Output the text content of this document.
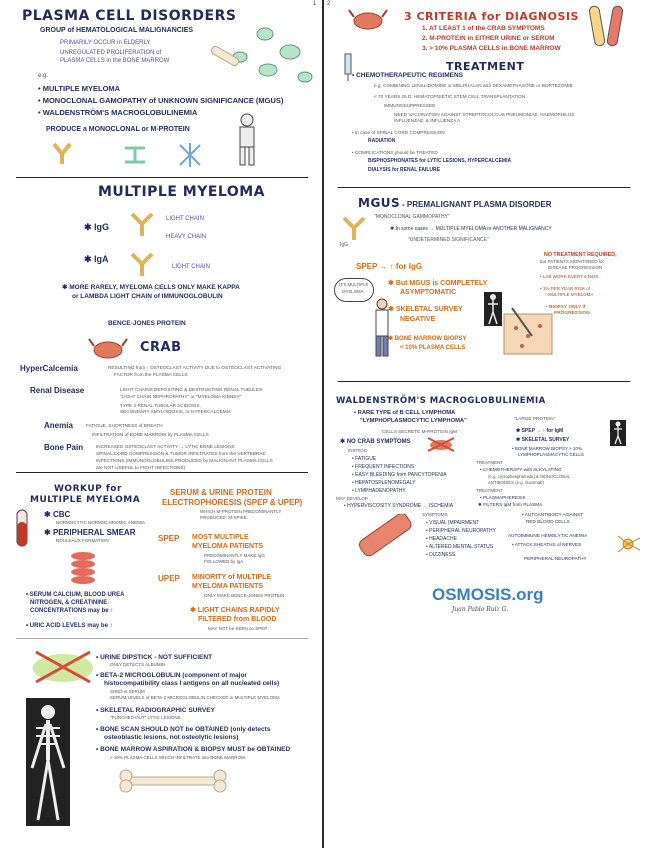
1 2
PLASMA CELL DISORDERS
GROUP of HEMATOLOGICAL MALIGNANCIES
PRIMARILY OCCUR in ELDERLY
UNREGULATED PROLIFERATION of
PLASMA CELLS in the BONE MARROW
e.g.
• MULTIPLE MYELOMA
• MONOCLONAL GAMOPATHY of UNKNOWN SIGNIFICANCE (MGUS)
• WALDENSTRÖM'S MACROGLOBULINEMIA
PRODUCE a MONOCLONAL or M-PROTEIN
MULTIPLE MYELOMA
✱ IgG
✱ IgA
LIGHT CHAIN
HEAVY CHAIN
LIGHT CHAIN
✱ MORE RARELY, MYELOMA CELLS ONLY MAKE KAPPA
or LAMBDA LIGHT CHAIN of IMMUNOGLOBULIN
BENCE-JONES PROTEIN
CRAB
HyperCalcemia	RESULTING from ↑ OSTEOCLAST ACTIVITY DUE to OSTEOCLAST ACTIVATING
FACTOR from the PLASMA CELLS
Renal Disease	LIGHT CHAINS DEPOSITING & DESTRUCTING RENAL TUBULES:
"LIGHT CHAIN NEPHROPATHY" or "MYELOMA KIDNEY"
TYPE 2 RENAL TUBULAR ACIDOSIS,
SECONDARY AMYLOIDOSIS, or HYPERCALCEMIA
Anemia	FATIGUE, SHORTNESS of BREATH
INFILTRATION of BONE MARROW by PLASMA CELLS
Bone Pain	INCREASED OSTEOCLAST ACTIVITY → LYTIC BONE LESIONS
SPINAL CORD COMPRESSION & TUMOR INFILTRATES from the VERTEBRAE
INFECTIONS (IMMUNOGLOBULINS PRODUCED by MALIGNANT PLASMA CELLS
are NOT USEFUL to FIGHT INFECTIONS)
WORKUP for
MULTIPLE MYELOMA
✱ CBC
NORMOCYTIC NORMOCHROMIC ANEMIA
✱ PERIPHERAL SMEAR
ROULEAUX FORMATION
• SERUM CALCIUM, BLOOD UREA
NITROGEN, & CREATININE
CONCENTRATIONS may be ↑
• URIC ACID LEVELS may be ↑
SERUM & URINE PROTEIN
ELECTROPHORESIS (SPEP & UPEP)
WHICH M-PROTEIN PREDOMINANTLY
PRODUCED: M-SPIKE
SPEP MOST MULTIPLE
MYELOMA PATIENTS
PREDOMINANTLY MAKE IgG
FOLLOWED by IgA
UPEP MINORITY of MULTIPLE
MYELOMA PATIENTS
ONLY MAKE BENCE-JONES PROTEIN
✱ LIGHT CHAINS RAPIDLY
FILTERED from BLOOD
MAY NOT be SEEN on SPEP
• URINE DIPSTICK - NOT SUFFICIENT
ONLY DETECTS ALBUMIN
• BETA-2 MICROGLOBULIN (component of major
histocompatibility class I antigens on all nucleated cells)
SHED in SERUM
SERUM LEVELS of BETA-2 MICROGLOBULIN CHECKED in MULTIPLE MYELOMA
• SKELETAL RADIOGRAPHIC SURVEY
"PUNCHED OUT" LYTIC LESIONS
• BONE SCAN SHOULD NOT be OBTAINED (only detects
osteoblastic lesions, not osteolytic lesions)
• BONE MARROW ASPIRATION & BIOPSY MUST be OBTAINED
> 10% PLASMA CELLS WHICH INFILTRATE into BONE MARROW
3 CRITERIA for DIAGNOSIS
1. AT LEAST 1 of the CRAB SYMPTOMS
2. M-PROTEIN in EITHER URINE or SERUM
3. > 10% PLASMA CELLS in BONE MARROW
TREATMENT
• CHEMOTHERAPEUTIC REGIMENS
e.g. COMBINING LENALIDOMIDE or MELPHALAN with DEXAMETHASONE or BORTEZOMIB
< 70 YEARS OLD: HEMATOPOIETIC STEM CELL TRANSPLANTATION
IMMUNOSUPPRESSED
NEED VACCINATION AGAINST STREPTOCOCCUS PNEUMONIAE, HAEMOPHILUS
INFLUENZAE, & INFLUENZA A
• In case of SPINAL CORD COMPRESSION
RADIATION
• COMPLICATIONS should be TREATED
BISPHOSPHONATES for LYTIC LESIONS, HYPERCALCEMIA
DIALYSIS for RENAL FAILURE
MGUS - PREMALIGNANT PLASMA DISORDER
"MONOCLONAL GAMMOPATHY"
✱ In some cases → MULTIPLE MYELOMA or ANOTHER MALIGNANCY
"UNDETERMINED SIGNIFICANCE"
IgG
SPEP → ↑ for IgG
IT'S MULTIPLE
MYELOMA
✱ But MGUS is COMPLETELY
ASYMPTOMATIC
✱ SKELETAL SURVEY
NEGATIVE
✱ BONE MARROW BIOPSY
< 10% PLASMA CELLS
NO TREATMENT REQUIRED,
but PATIENTS MONITORED for
DISEASE PROGRESSION
• LAB WORK EVERY 6 MOS.
• 1% PER YEAR RISK of
MULTIPLE MYELOMA
• BIOPSY ONLY if
PROGRESSION
WALDENSTRÖM'S MACROGLOBULINEMIA
• RARE TYPE of B CELL LYMPHOMA
"LYMPHOPLASMOCYTIC LYMPHOMA"
CELLS SECRETE M-PROTEIN IgM
"LARGE PROTEIN"
✱ SPEP → ↑ for IgM
✱ SKELETAL SURVEY
• BONE MARROW BIOPSY > 10%
LYMPHOPLASMACYTIC CELLS
✱ NO CRAB SYMPTOMS
INSTEAD
• FATIGUE
• FREQUENT INFECTIONS
• EASY BLEEDING from PANCYTOPENIA
• HEPATOSPLENOMEGALY
• LYMPHADENOPATHY
MAY DEVELOP
• HYPERVISCOSITY SYNDROME → ISCHEMIA
SYMPTOMS
• VISUAL IMPAIRMENT
• PERIPHERAL NEUROPATHY
• HEADACHE
• ALTERED MENTAL STATUS
• DIZZINESS
TREATMENT
• CHEMOTHERAPY with ALKYLATING
(e.g. cyclophosphamide) & MONOCLONAL
ANTIBODIES (e.g. rituximab)
TREATMENT
• PLASMAPHERESIS
✱ FILTERS IgM from PLASMA
• AUTOANTIBODY AGAINST
RED BLOOD CELLS
AUTOIMMUNE HEMOLYTIC ANEMIA
• ATTACK SHEATHS of NERVES
PERIPHERAL NEUROPATHY
OSMOSIS.org
Juan Pablo Ruiz G.
